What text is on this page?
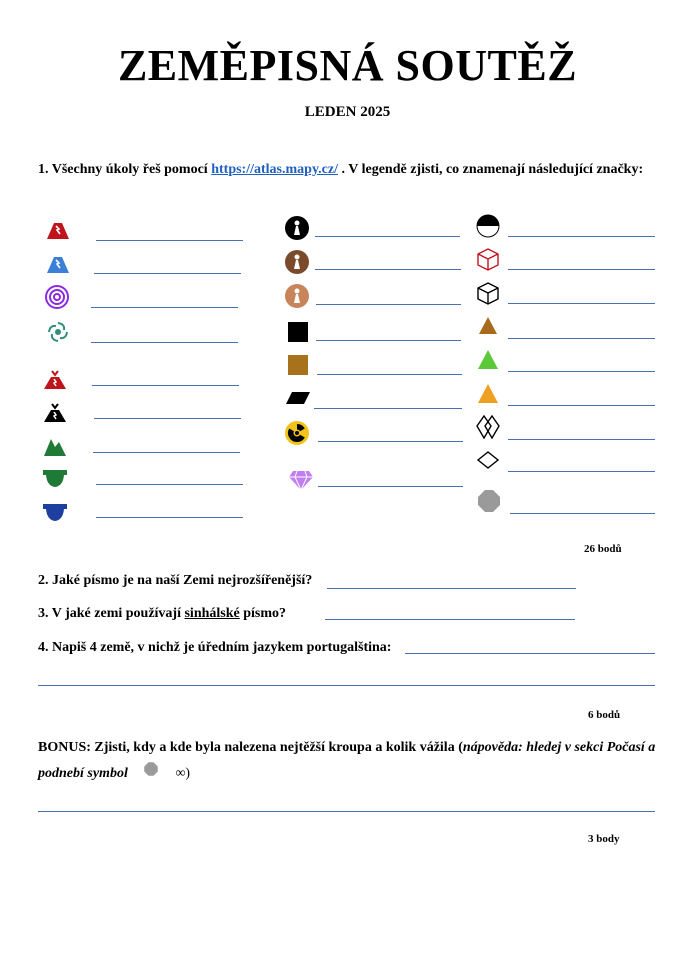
ZEMĚPISNÁ SOUTĚŽ
LEDEN 2025
1. Všechny úkoly řeš pomocí https://atlas.mapy.cz/ . V legendě zjisti, co znamenají následující značky:
26 bodů
2. Jaké písmo je na naší Zemi nejrozšířenější?
3. V jaké zemi používají sinhálské písmo?
4. Napiš 4 země, v nichž je úředním jazykem portugalština:
6 bodů
BONUS: Zjisti, kdy a kde byla nalezena nejtěžší kroupa a kolik vážila (nápověda: hledej v sekci Počasí a podnebí symbol	∞)
3 body
